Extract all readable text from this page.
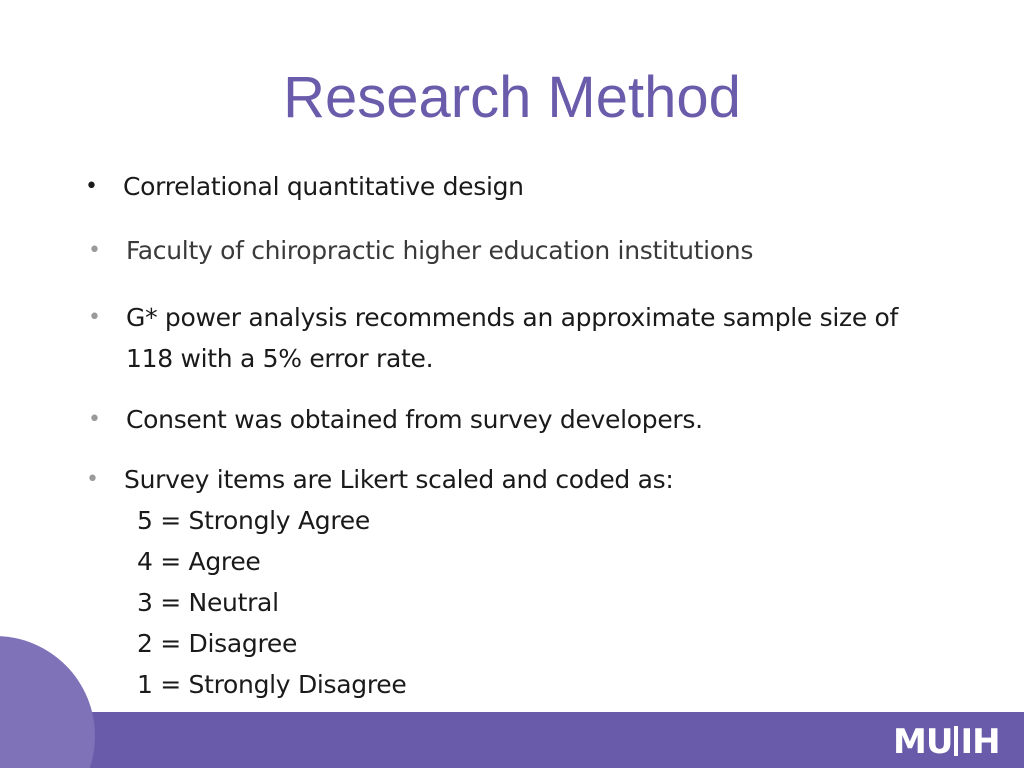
Research Method
• Correlational quantitative design
• Faculty of chiropractic higher education institutions
• G* power analysis recommends an approximate sample size of
118 with a 5% error rate.
• Consent was obtained from survey developers.
• Survey items are Likert scaled and coded as:
5 = Strongly Agree
4 = Agree
3 = Neutral
2 = Disagree
1 = Strongly Disagree
MU IH
